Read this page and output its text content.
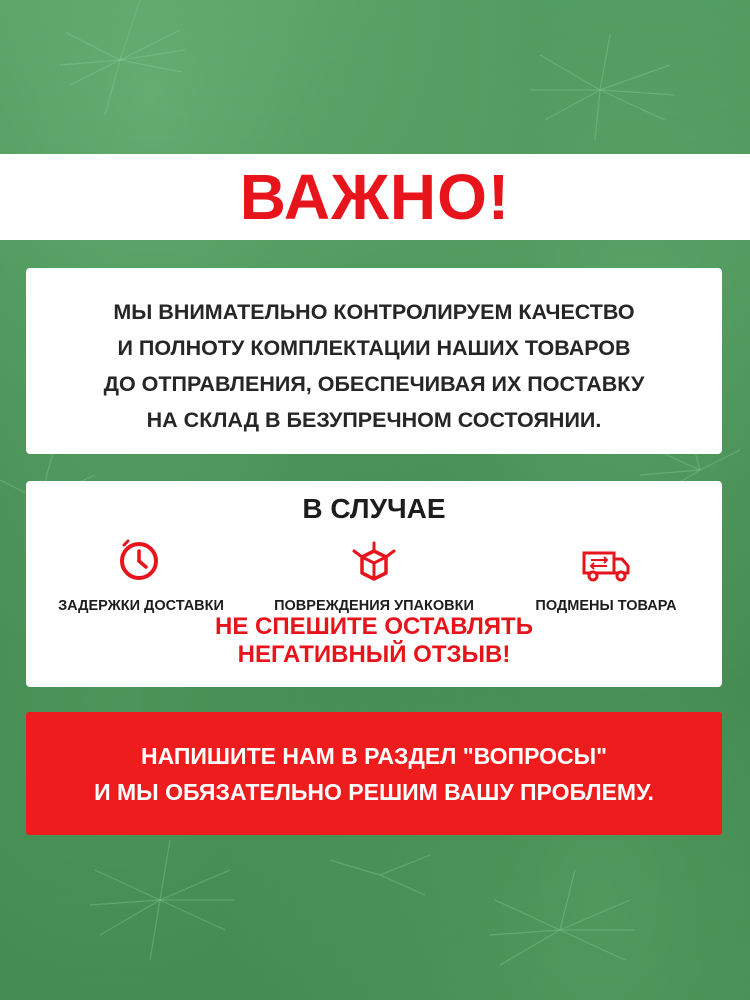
ВАЖНО!
МЫ ВНИМАТЕЛЬНО КОНТРОЛИРУЕМ КАЧЕСТВО
И ПОЛНОТУ КОМПЛЕКТАЦИИ НАШИХ ТОВАРОВ
ДО ОТПРАВЛЕНИЯ, ОБЕСПЕЧИВАЯ ИХ ПОСТАВКУ
НА СКЛАД В БЕЗУПРЕЧНОМ СОСТОЯНИИ.
В СЛУЧАЕ
ЗАДЕРЖКИ ДОСТАВКИ	ПОВРЕЖДЕНИЯ УПАКОВКИ	ПОДМЕНЫ ТОВАРА
НЕ СПЕШИТЕ ОСТАВЛЯТЬ
НЕГАТИВНЫЙ ОТЗЫВ!
НАПИШИТЕ НАМ В РАЗДЕЛ "ВОПРОСЫ"
И МЫ ОБЯЗАТЕЛЬНО РЕШИМ ВАШУ ПРОБЛЕМУ.
